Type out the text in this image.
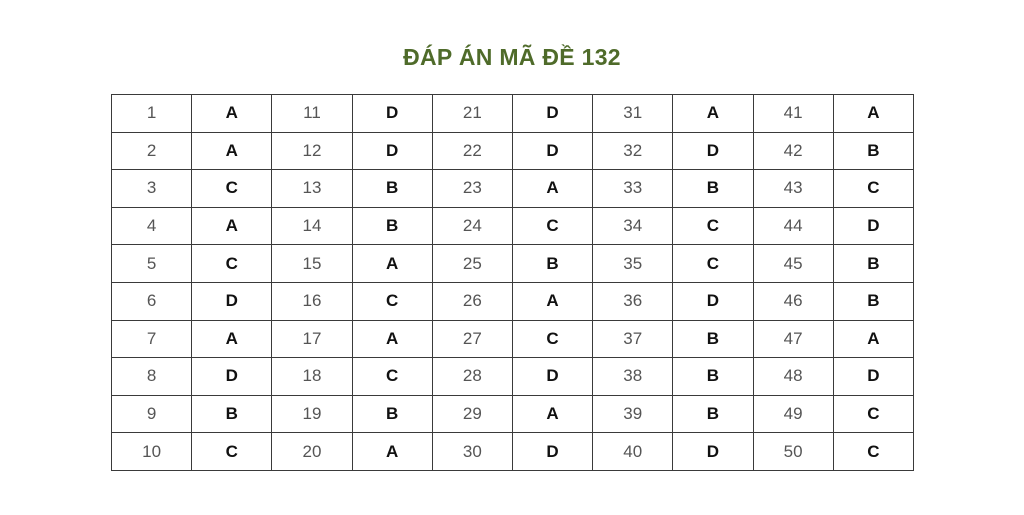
ĐÁP ÁN MÃ ĐỀ 132
1	A	11	D	21	D	31	A	41	A
2	A	12	D	22	D	32	D	42	B
3	C	13	B	23	A	33	B	43	C
4	A	14	B	24	C	34	C	44	D
5	C	15	A	25	B	35	C	45	B
6	D	16	C	26	A	36	D	46	B
7	A	17	A	27	C	37	B	47	A
8	D	18	C	28	D	38	B	48	D
9	B	19	B	29	A	39	B	49	C
10	C	20	A	30	D	40	D	50	C
